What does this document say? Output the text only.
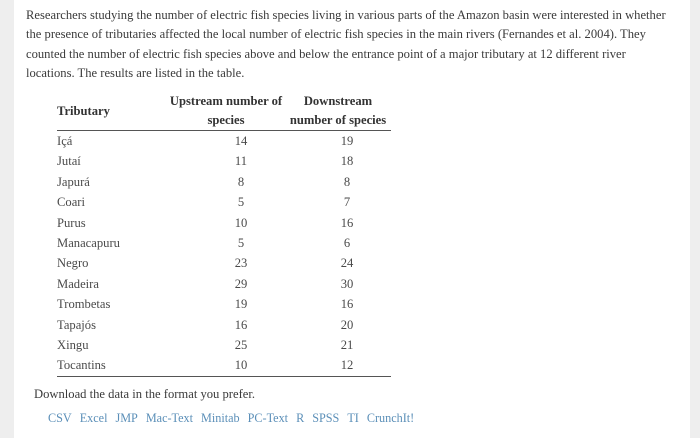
Researchers studying the number of electric fish species living in various parts of the Amazon basin were interested in whether the presence of tributaries affected the local number of electric fish species in the main rivers (Fernandes et al. 2004). They counted the number of electric fish species above and below the entrance point of a major tributary at 12 different river locations. The results are listed in the table.

Tributary	Upstream number of species	Downstream number of species
Içá	14	19
Jutaí	11	18
Japurá	8	8
Coari	5	7
Purus	10	16
Manacapuru	5	6
Negro	23	24
Madeira	29	30
Trombetas	19	16
Tapajós	16	20
Xingu	25	21
Tocantins	10	12
Download the data in the format you prefer.
CSV Excel JMP Mac-Text Minitab PC-Text R SPSS TI CrunchIt!
